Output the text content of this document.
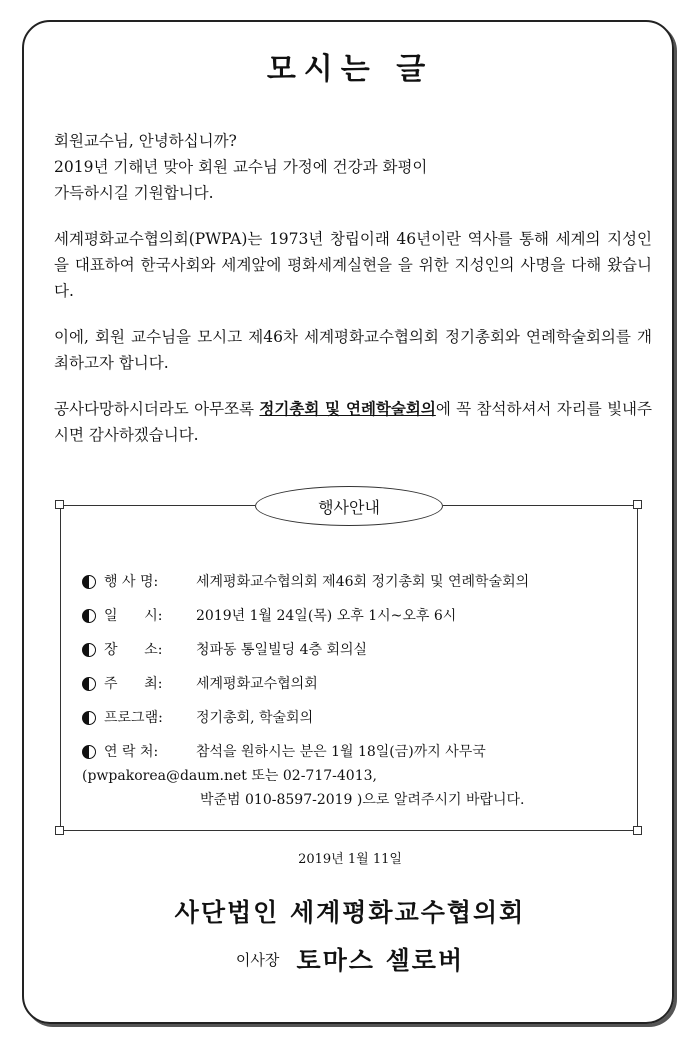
모시는 글

회원교수님, 안녕하십니까?
2019년 기해년 맞아 회원 교수님 가정에 건강과 화평이
가득하시길 기원합니다.

세계평화교수협의회(PWPA)는 1973년 창립이래 46년이란 역사를 통해 세계의 지성인을 대표하여 한국사회와 세계앞에 평화세계실현을 을 위한 지성인의 사명을 다해 왔습니다.

이에, 회원 교수님을 모시고 제46차 세계평화교수협의회 정기총회와 연례학술회의를 개최하고자 합니다.

공사다망하시더라도 아무쪼록 정기총회 및 연례학술회의에 꼭 참석하셔서 자리를 빛내주시면 감사하겠습니다.

행사안내
행 사 명:	세계평화교수협의회 제46회 정기총회 및 연례학술회의
일      시:	2019년 1월 24일(목) 오후 1시~오후 6시
장      소:	청파동 통일빌딩 4층 회의실
주      최:	세계평화교수협의회
프로그램:	정기총회, 학술회의
연 락 처:	참석을 원하시는 분은 1월 18일(금)까지 사무국
(pwpakorea@daum.net 또는 02-717-4013,
박준범 010-8597-2019 )으로 알려주시기 바랍니다.
2019년 1월 11일
사단법인 세계평화교수협의회
이사장 토마스 셀로버
